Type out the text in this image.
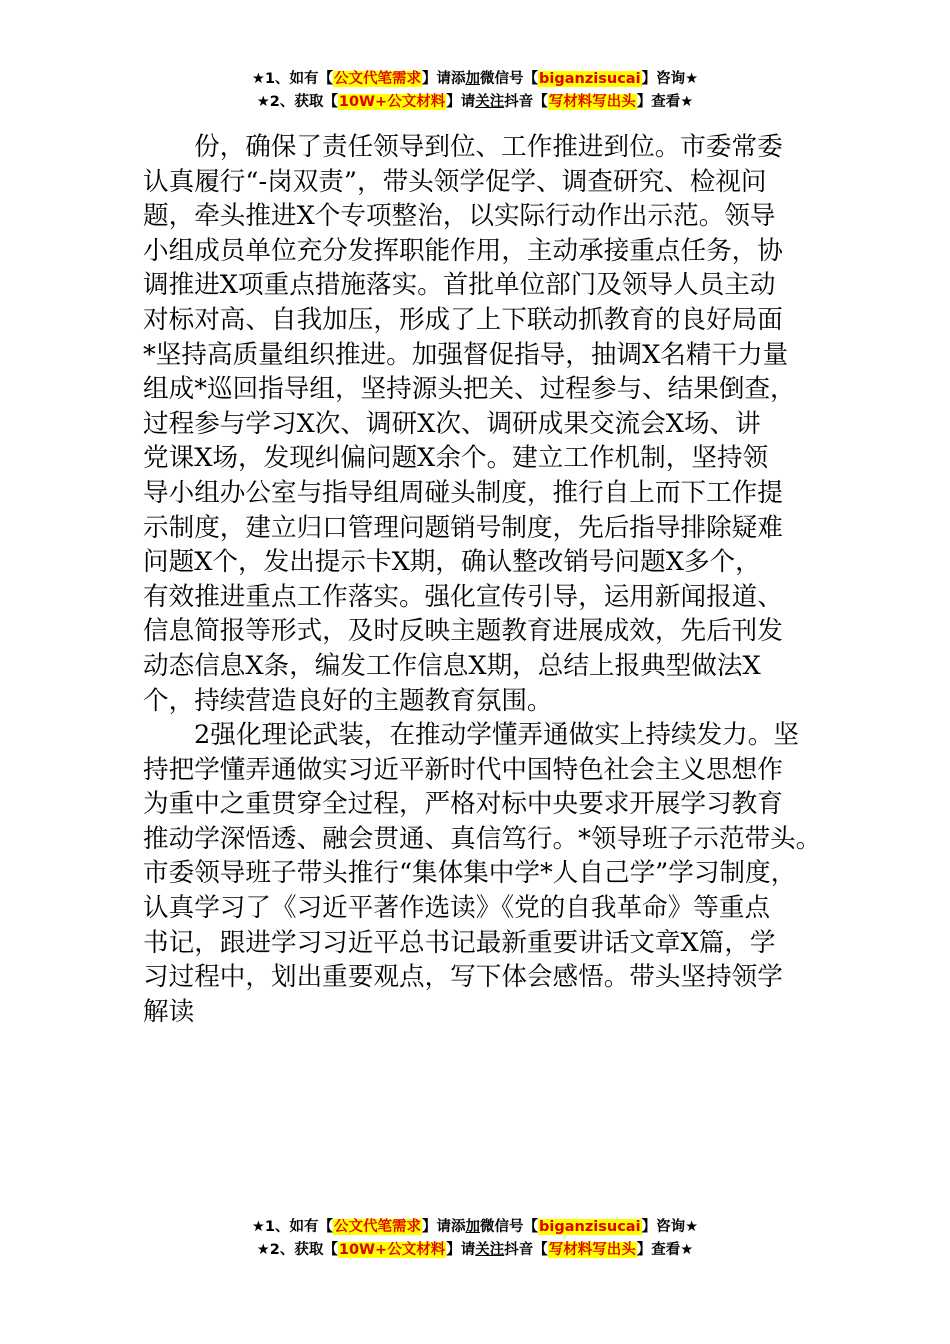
★1、如有【公文代笔需求】请添加微信号【biganzisucai】咨询★
★2、获取【10W+公文材料】请关注抖音【写材料写出头】查看★
份，确保了责任领导到位、工作推进到位。市委常委
认真履行“-岗双责”，带头领学促学、调查研究、检视问
题，牵头推进X个专项整治，以实际行动作出示范。领导
小组成员单位充分发挥职能作用，主动承接重点任务，协
调推进X项重点措施落实。首批单位部门及领导人员主动
对标对高、自我加压，形成了上下联动抓教育的良好局面
*坚持高质量组织推进。加强督促指导，抽调X名精干力量
组成*巡回指导组，坚持源头把关、过程参与、结果倒查，
过程参与学习X次、调研X次、调研成果交流会X场、讲
党课X场，发现纠偏问题X余个。建立工作机制，坚持领
导小组办公室与指导组周碰头制度，推行自上而下工作提
示制度，建立归口管理问题销号制度，先后指导排除疑难
问题X个，发出提示卡X期，确认整改销号问题X多个，
有效推进重点工作落实。强化宣传引导，运用新闻报道、
信息简报等形式，及时反映主题教育进展成效，先后刊发
动态信息X条，编发工作信息X期，总结上报典型做法X
个，持续营造良好的主题教育氛围。
2强化理论武装，在推动学懂弄通做实上持续发力。坚
持把学懂弄通做实习近平新时代中国特色社会主义思想作
为重中之重贯穿全过程，严格对标中央要求开展学习教育
推动学深悟透、融会贯通、真信笃行。*领导班子示范带头。
市委领导班子带头推行“集体集中学*人自己学”学习制度，
认真学习了《习近平著作选读》《党的自我革命》等重点
书记，跟进学习习近平总书记最新重要讲话文章X篇，学
习过程中，划出重要观点，写下体会感悟。带头坚持领学
解读
★1、如有【公文代笔需求】请添加微信号【biganzisucai】咨询★
★2、获取【10W+公文材料】请关注抖音【写材料写出头】查看★
